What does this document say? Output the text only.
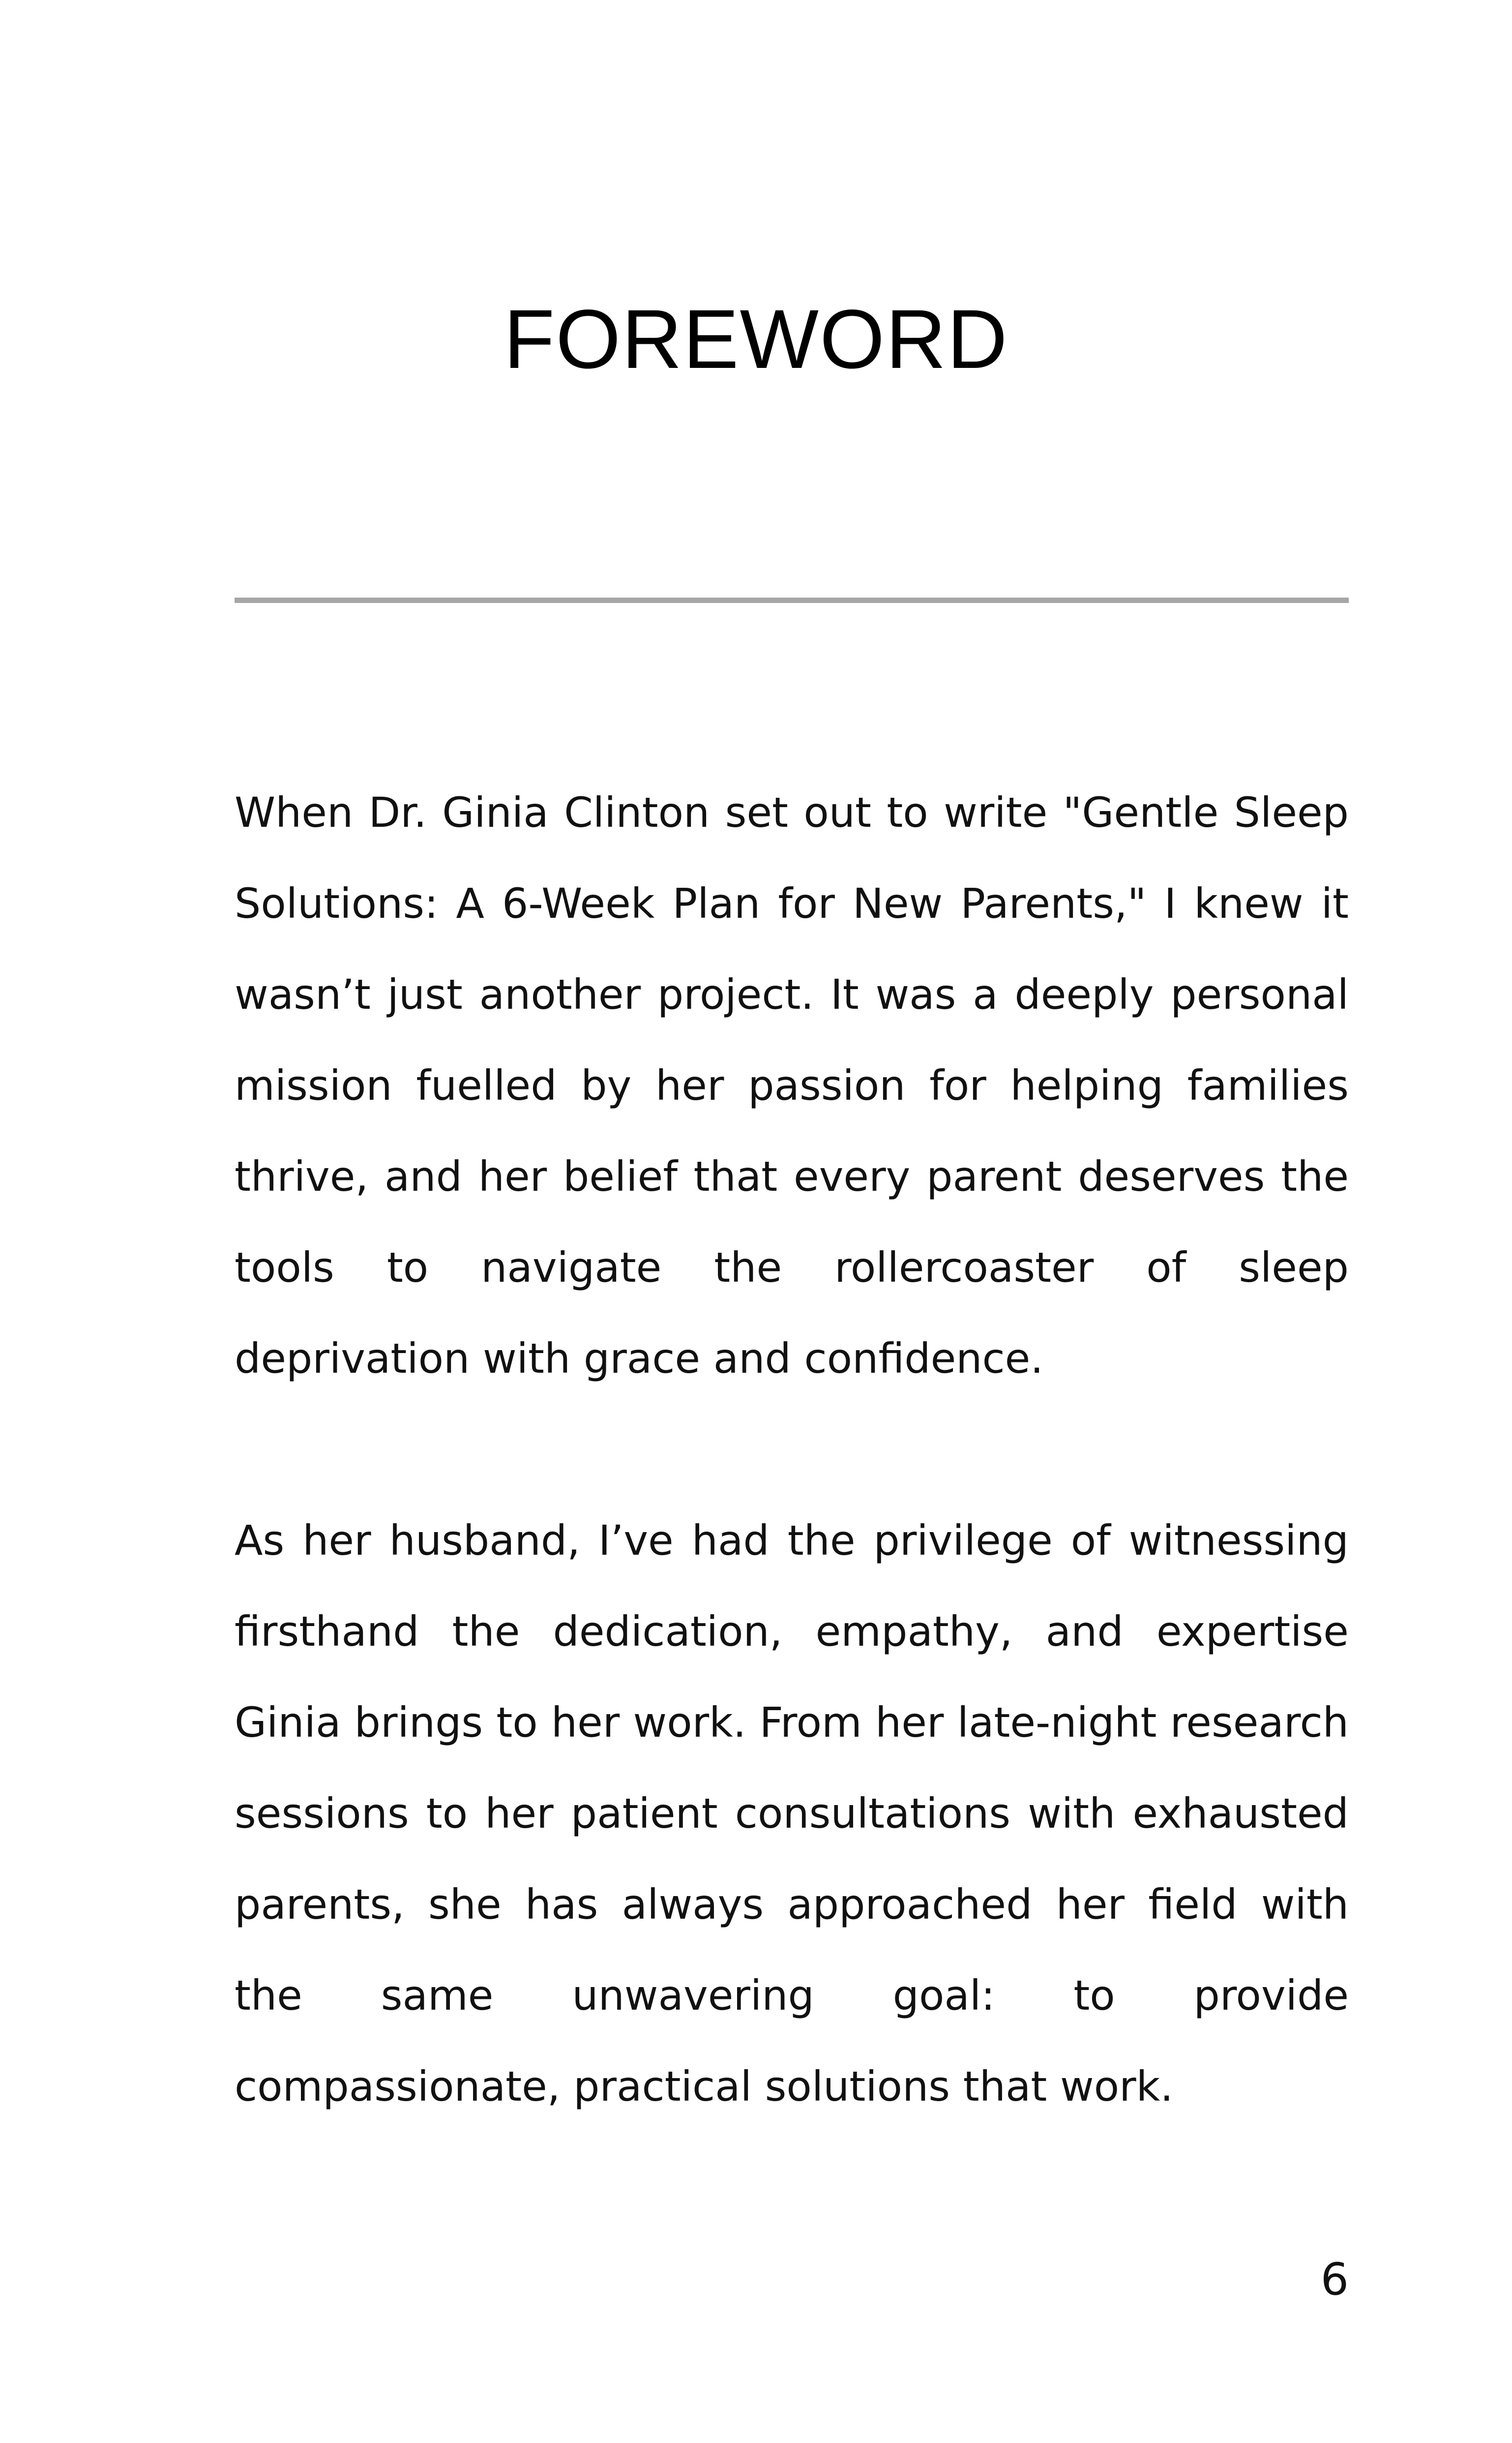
FOREWORD

When Dr. Ginia Clinton set out to write "Gentle Sleep Solutions: A 6-Week Plan for New Parents," I knew it wasn’t just another project. It was a deeply personal mission fuelled by her passion for helping families thrive, and her belief that every parent deserves the tools to navigate the rollercoaster of sleep deprivation with grace and confidence.

As her husband, I’ve had the privilege of witnessing firsthand the dedication, empathy, and expertise Ginia brings to her work. From her late-night research sessions to her patient consultations with exhausted parents, she has always approached her field with the same unwavering goal: to provide compassionate, practical solutions that work.

6
